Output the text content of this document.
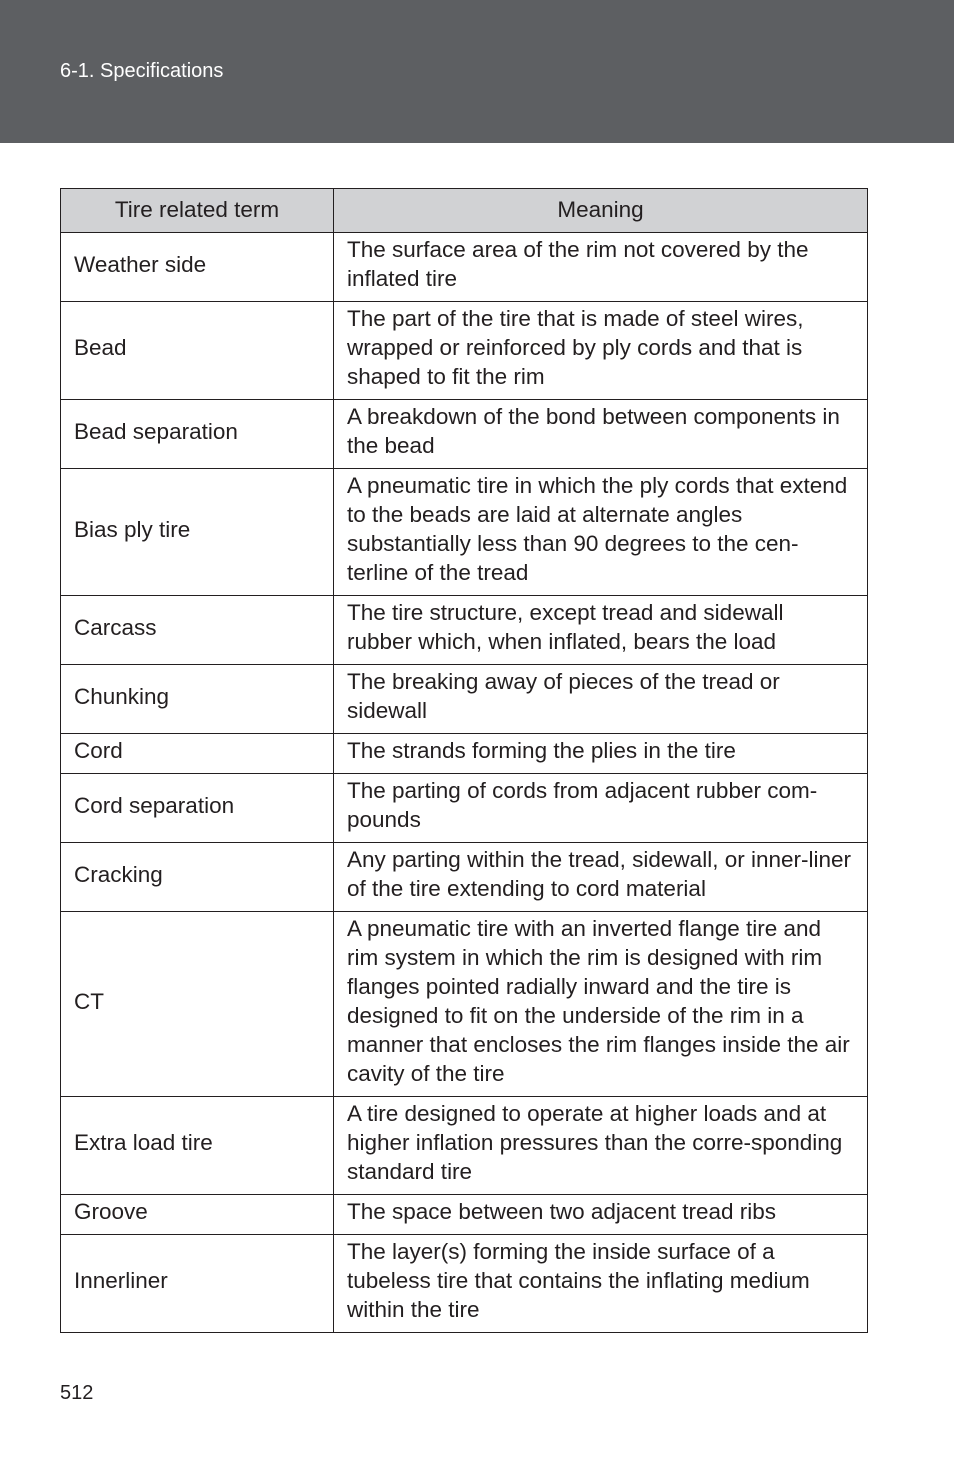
6-1. Specifications
Tire related term	Meaning
Weather side	The surface area of the rim not covered by the inflated tire
Bead	The part of the tire that is made of steel wires, wrapped or reinforced by ply cords and that is shaped to fit the rim
Bead separation	A breakdown of the bond between components in the bead
Bias ply tire	A pneumatic tire in which the ply cords that extend to the beads are laid at alternate angles substantially less than 90 degrees to the cen-terline of the tread
Carcass	The tire structure, except tread and sidewall rubber which, when inflated, bears the load
Chunking	The breaking away of pieces of the tread or sidewall
Cord	The strands forming the plies in the tire
Cord separation	The parting of cords from adjacent rubber com-pounds
Cracking	Any parting within the tread, sidewall, or inner-liner of the tire extending to cord material
CT	A pneumatic tire with an inverted flange tire and rim system in which the rim is designed with rim flanges pointed radially inward and the tire is designed to fit on the underside of the rim in a manner that encloses the rim flanges inside the air cavity of the tire
Extra load tire	A tire designed to operate at higher loads and at higher inflation pressures than the corre-sponding standard tire
Groove	The space between two adjacent tread ribs
Innerliner	The layer(s) forming the inside surface of a tubeless tire that contains the inflating medium within the tire
512
